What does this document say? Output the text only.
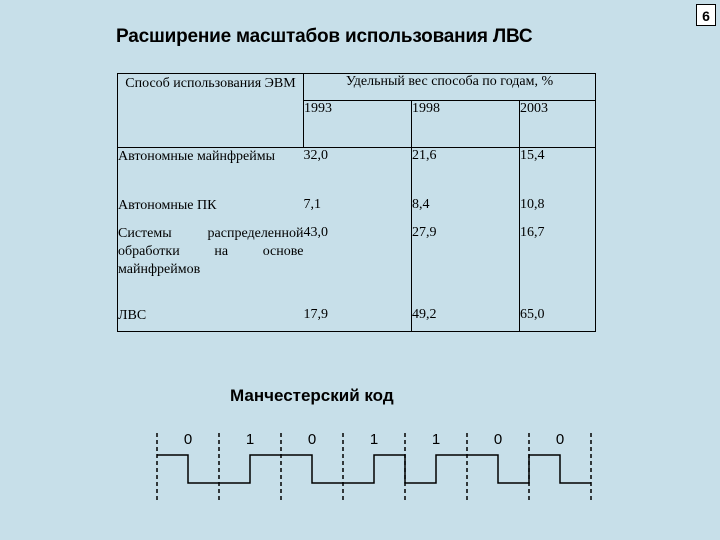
6
Расширение масштабов использования ЛВС
Способ использования ЭВМ	Удельный вес способа по годам, %		
	1993	1998	2003
Автономные майнфреймы	32,0	21,6	15,4
Автономные ПК	7,1	8,4	10,8
Системы распределенной обработки на основе майнфреймов	43,0	27,9	16,7
ЛВС	17,9	49,2	65,0
Манчестерский код
0	1	0	1	1	0	0
